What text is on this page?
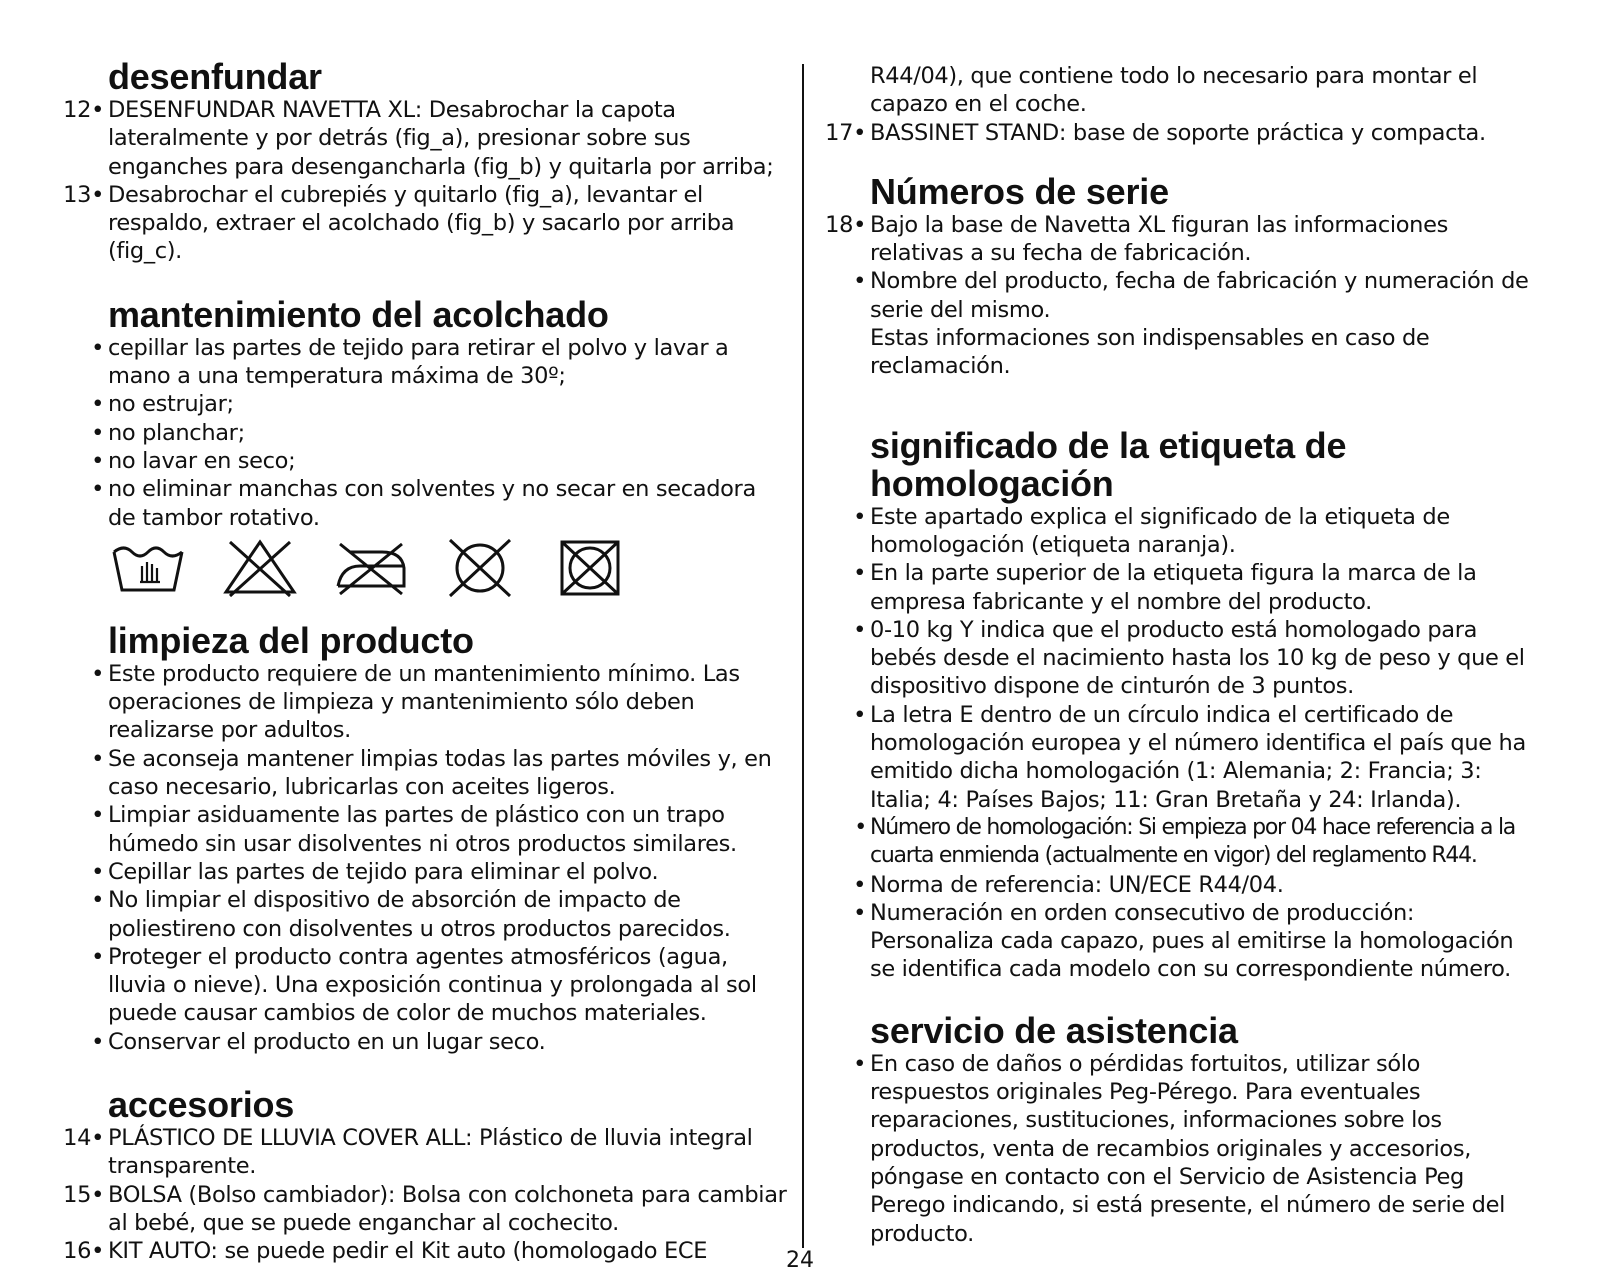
desenfundar
12• DESENFUNDAR NAVETTA XL: Desabrochar la capota lateralmente y por detrás (fig_a), presionar sobre sus enganches para desengancharla (fig_b) y quitarla por arriba;
13• Desabrochar el cubrepiés y quitarlo (fig_a), levantar el respaldo, extraer el acolchado (fig_b) y sacarlo por arriba (fig_c).
mantenimiento del acolchado
• cepillar las partes de tejido para retirar el polvo y lavar a mano a una temperatura máxima de 30º;
• no estrujar;
• no planchar;
• no lavar en seco;
• no eliminar manchas con solventes y no secar en secadora de tambor rotativo.
limpieza del producto
• Este producto requiere de un mantenimiento mínimo. Las operaciones de limpieza y mantenimiento sólo deben realizarse por adultos.
• Se aconseja mantener limpias todas las partes móviles y, en caso necesario, lubricarlas con aceites ligeros.
• Limpiar asiduamente las partes de plástico con un trapo húmedo sin usar disolventes ni otros productos similares.
• Cepillar las partes de tejido para eliminar el polvo.
• No limpiar el dispositivo de absorción de impacto de poliestireno con disolventes u otros productos parecidos.
• Proteger el producto contra agentes atmosféricos (agua, lluvia o nieve). Una exposición continua y prolongada al sol puede causar cambios de color de muchos materiales.
• Conservar el producto en un lugar seco.
accesorios
14• PLÁSTICO DE LLUVIA COVER ALL: Plástico de lluvia integral transparente.
15• BOLSA (Bolso cambiador): Bolsa con colchoneta para cambiar al bebé, que se puede enganchar al cochecito.
16• KIT AUTO: se puede pedir el Kit auto (homologado ECE
R44/04), que contiene todo lo necesario para montar el capazo en el coche.
17• BASSINET STAND: base de soporte práctica y compacta.
Números de serie
18• Bajo la base de Navetta XL figuran las informaciones relativas a su fecha de fabricación.
• Nombre del producto, fecha de fabricación y numeración de serie del mismo.
Estas informaciones son indispensables en caso de reclamación.
significado de la etiqueta de homologación
• Este apartado explica el significado de la etiqueta de homologación (etiqueta naranja).
• En la parte superior de la etiqueta figura la marca de la empresa fabricante y el nombre del producto.
• 0-10 kg Y indica que el producto está homologado para bebés desde el nacimiento hasta los 10 kg de peso y que el dispositivo dispone de cinturón de 3 puntos.
• La letra E dentro de un círculo indica el certificado de homologación europea y el número identifica el país que ha emitido dicha homologación (1: Alemania; 2: Francia; 3: Italia; 4: Países Bajos; 11: Gran Bretaña y 24: Irlanda).
• Número de homologación: Si empieza por 04 hace referencia a la cuarta enmienda (actualmente en vigor) del reglamento R44.
• Norma de referencia: UN/ECE R44/04.
• Numeración en orden consecutivo de producción: Personaliza cada capazo, pues al emitirse la homologación se identifica cada modelo con su correspondiente número.
servicio de asistencia
• En caso de daños o pérdidas fortuitos, utilizar sólo respuestos originales Peg-Pérego. Para eventuales reparaciones, sustituciones, informaciones sobre los productos, venta de recambios originales y accesorios, póngase en contacto con el Servicio de Asistencia Peg Perego indicando, si está presente, el número de serie del producto.
24
